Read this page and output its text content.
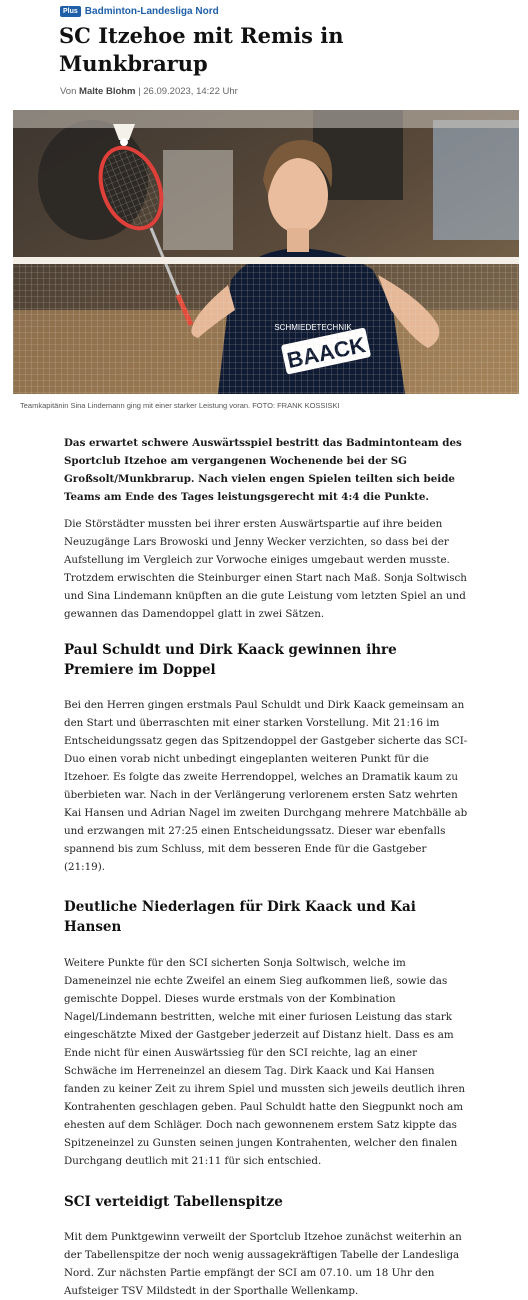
Plus Badminton-Landesliga Nord
SC Itzehoe mit Remis in Munkbrarup
Von Malte Blohm | 26.09.2023, 14:22 Uhr
Teamkapitänin Sina Lindemann ging mit einer starker Leistung voran. FOTO: FRANK KOSSISKI

Das erwartet schwere Auswärtsspiel bestritt das Badmintonteam des Sportclub Itzehoe am vergangenen Wochenende bei der SG Großsolt/Munkbrarup. Nach vielen engen Spielen teilten sich beide Teams am Ende des Tages leistungsgerecht mit 4:4 die Punkte.

Die Störstädter mussten bei ihrer ersten Auswärtspartie auf ihre beiden Neuzugänge Lars Browoski und Jenny Wecker verzichten, so dass bei der Aufstellung im Vergleich zur Vorwoche einiges umgebaut werden musste. Trotzdem erwischten die Steinburger einen Start nach Maß. Sonja Soltwisch und Sina Lindemann knüpften an die gute Leistung vom letzten Spiel an und gewannen das Damendoppel glatt in zwei Sätzen.

Paul Schuldt und Dirk Kaack gewinnen ihre Premiere im Doppel

Bei den Herren gingen erstmals Paul Schuldt und Dirk Kaack gemeinsam an den Start und überraschten mit einer starken Vorstellung. Mit 21:16 im Entscheidungssatz gegen das Spitzendoppel der Gastgeber sicherte das SCI-Duo einen vorab nicht unbedingt eingeplanten weiteren Punkt für die Itzehoer. Es folgte das zweite Herrendoppel, welches an Dramatik kaum zu überbieten war. Nach in der Verlängerung verlorenem ersten Satz wehrten Kai Hansen und Adrian Nagel im zweiten Durchgang mehrere Matchbälle ab und erzwangen mit 27:25 einen Entscheidungssatz. Dieser war ebenfalls spannend bis zum Schluss, mit dem besseren Ende für die Gastgeber (21:19).

Deutliche Niederlagen für Dirk Kaack und Kai Hansen

Weitere Punkte für den SCI sicherten Sonja Soltwisch, welche im Dameneinzel nie echte Zweifel an einem Sieg aufkommen ließ, sowie das gemischte Doppel. Dieses wurde erstmals von der Kombination Nagel/Lindemann bestritten, welche mit einer furiosen Leistung das stark eingeschätzte Mixed der Gastgeber jederzeit auf Distanz hielt. Dass es am Ende nicht für einen Auswärtssieg für den SCI reichte, lag an einer Schwäche im Herreneinzel an diesem Tag. Dirk Kaack und Kai Hansen fanden zu keiner Zeit zu ihrem Spiel und mussten sich jeweils deutlich ihren Kontrahenten geschlagen geben. Paul Schuldt hatte den Siegpunkt noch am ehesten auf dem Schläger. Doch nach gewonnenem erstem Satz kippte das Spitzeneinzel zu Gunsten seinen jungen Kontrahenten, welcher den finalen Durchgang deutlich mit 21:11 für sich entschied.

SCI verteidigt Tabellenspitze

Mit dem Punktgewinn verweilt der Sportclub Itzehoe zunächst weiterhin an der Tabellenspitze der noch wenig aussagekräftigen Tabelle der Landesliga Nord. Zur nächsten Partie empfängt der SCI am 07.10. um 18 Uhr den Aufsteiger TSV Mildstedt in der Sporthalle Wellenkamp.
